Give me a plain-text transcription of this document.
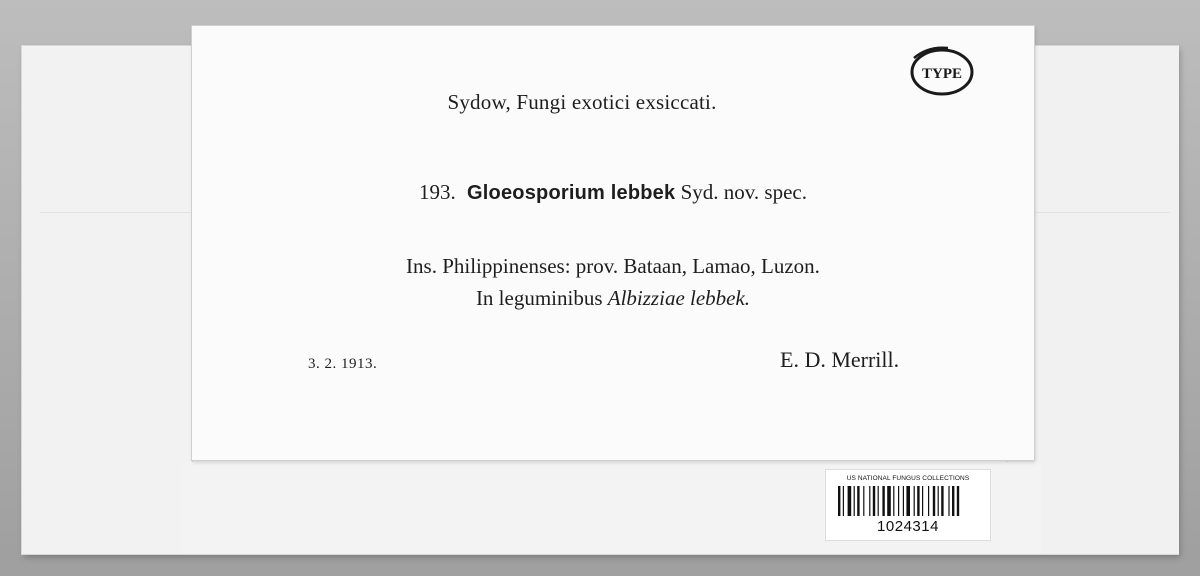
Sydow, Fungi exotici exsiccati.
193. Gloeosporium lebbek Syd. nov. spec.
Ins. Philippinenses: prov. Bataan, Lamao, Luzon.
In leguminibus Albizziae lebbek.
3. 2. 1913.	E. D. Merrill.
TYPE
US NATIONAL FUNGUS COLLECTIONS
1024314
